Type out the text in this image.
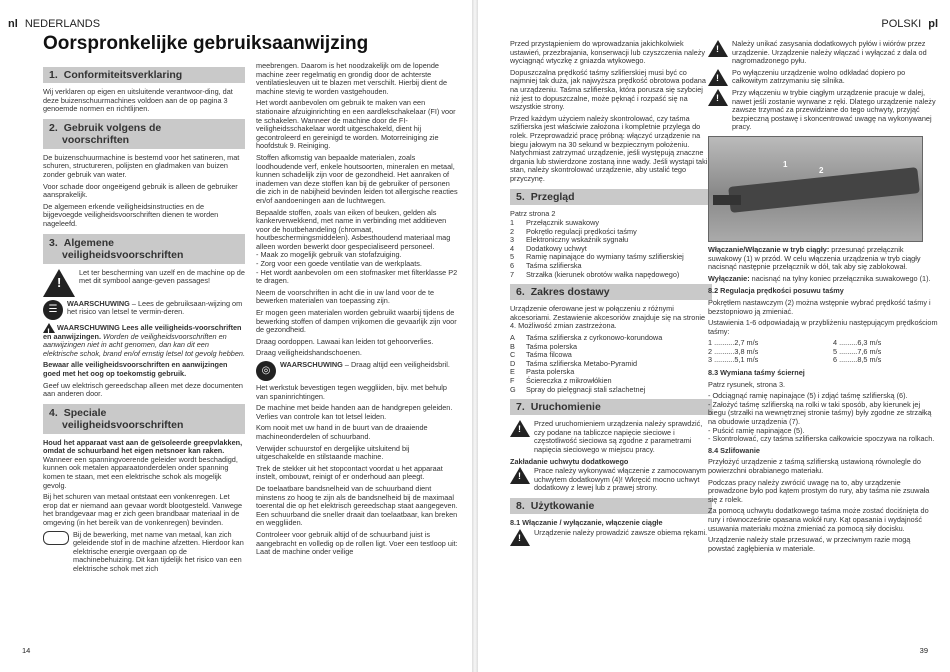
nl NEDERLANDS
Oorspronkelijke gebruiksaanwijzing
1. Conformiteitsverklaring

Wij verklaren op eigen en uitsluitende verantwoor-ding, dat deze buizenschuurmachines voldoen aan de op pagina 3 genoemde normen en richtlijnen.

2. Gebruik volgens de
voorschriften

De buizenschuurmachine is bestemd voor het satineren, mat schuren, structureren, polijsten en gladmaken van buizen zonder gebruik van water.

Voor schade door ongeëigend gebruik is alleen de gebruiker aansprakelijk.

De algemeen erkende veiligheidsinstructies en de bijgevoegde veiligheidsvoorschriften dienen te worden nageleefd.

3. Algemene
veiligheidsvoorschriften
!
Let ter bescherming van uzelf en de machine op de met dit symbool aange-geven passages!
☰
WAARSCHUWING – Lees de gebruiksaan-wijzing om het risico van letsel te vermin-deren.
! WAARSCHUWING Lees alle veiligheids-voorschriften en aanwijzingen. Worden de veiligheidsvoorschriften en aanwijzingen niet in acht genomen, dan kan dit een elektrische schok, brand en/of ernstig letsel tot gevolg hebben.

Bewaar alle veiligheidsvoorschriften en aanwijzingen goed met het oog op toekomstig gebruik.

Geef uw elektrisch gereedschap alleen met deze documenten aan anderen door.

4. Speciale
veiligheidsvoorschriften

Houd het apparaat vast aan de geïsoleerde greepvlakken, omdat de schuurband het eigen netsnoer kan raken. Wanneer een spanningvoerende geleider wordt beschadigd, kunnen ook metalen apparaatonderdelen onder spanning komen te staan, met een elektrische schok als mogelijk gevolg.

Bij het schuren van metaal ontstaat een vonkenregen. Let erop dat er niemand aan gevaar wordt blootgesteld. Vanwege het brandgevaar mag er zich geen brandbaar materiaal in de omgeving (in het bereik van de vonkenregen) bevinden.

Bij de bewerking, met name van metaal, kan zich geleidende stof in de machine afzetten. Hierdoor kan elektrische energie overgaan op de machinebehuizing. Dit kan tijdelijk het risico van een elektrische schok met zich

meebrengen. Daarom is het noodzakelijk om de lopende machine zeer regelmatig en grondig door de achterste ventilatiesleuven uit te blazen met verschilt. Hierbij dient de machine stevig te worden vastgehouden.

Het wordt aanbevolen om gebruik te maken van een stationaire afzuiginrichting en een aardlekschakelaar (FI) voor te schakelen. Wanneer de machine door de FI-veiligheidsschakelaar wordt uitgeschakeld, dient hij gecontroleerd en gereinigd te worden. Motorreiniging zie hoofdstuk 9. Reiniging.

Stoffen afkomstig van bepaalde materialen, zoals loodhoudende verf, enkele houtsoorten, mineralen en metaal, kunnen schadelijk zijn voor de gezondheid. Het aanraken of inademen van deze stoffen kan bij de gebruiker of personen die zich in de nabijheid bevinden leiden tot allergische reacties en/of aandoeningen aan de luchtwegen.

Bepaalde stoffen, zoals van eiken of beuken, gelden als kankerverwekkend, met name in verbinding met additieven voor de houtbehandeling (chromaat, houtbeschermingsmiddelen). Asbesthoudend materiaal mag alleen worden bewerkt door gespecialiseerd personeel.

- Maak zo mogelijk gebruik van stofafzuiging.

- Zorg voor een goede ventilatie van de werkplaats.

- Het wordt aanbevolen om een stofmasker met filterklasse P2 te dragen.

Neem de voorschriften in acht die in uw land voor de te bewerken materialen van toepassing zijn.

Er mogen geen materialen worden gebruikt waarbij tijdens de bewerking stoffen of dampen vrijkomen die gevaarlijk zijn voor de gezondheid.

Draag oordoppen. Lawaai kan leiden tot gehoorverlies.

Draag veiligheidshandschoenen.

◎
WAARSCHUWING – Draag altijd een veiligheidsbril.

Het werkstuk bevestigen tegen weggliiden, bijv. met behulp van spaninrichtingen.

De machine met beide handen aan de handgrepen geleiden. Verlies van controle kan tot letsel leiden.

Kom nooit met uw hand in de buurt van de draaiende machineonderdelen of schuurband.

Verwijder schuurstof en dergelijke uitsluitend bij uitgeschakelde en stilstaande machine.

Trek de stekker uit het stopcontact voordat u het apparaat instelt, ombouwt, reinigt of er onderhoud aan pleegt.

De toelaatbare bandsnelheid van de schuurband dient minstens zo hoog te zijn als de bandsnelheid bij de maximaal toerental die op het elektrisch gereedschap staat aangegeven. Een schuurband die sneller draait dan toelaatbaar, kan breken en weggliiden.

Controleer voor gebruik altijd of de schuurband juist is aangebracht en volledig op de rollen ligt. Voer een testloop uit: Laat de machine onder veilige

14
POLSKI pl

Przed przystąpieniem do wprowadzania jakichkolwiek ustawień, przezbrajania, konserwacji lub czyszczenia należy wyciągnąć wtyczkę z gniazda wtykowego.

Dopuszczalna prędkość taśmy szlifierskiej musi być co najmniej tak duża, jak najwyższa prędkość obrotowa podana na urządzeniu. Taśma szlifierska, która porusza się szybciej niż jest to dopuszczalne, może pęknąć i rozpaść się na wszystkie strony.

Przed każdym użyciem należy skontrolować, czy taśma szlifierska jest właściwie założona i kompletnie przylega do rolek. Przeprowadzić pracę próbną: włączyć urządzenie na biegu jałowym na 30 sekund w bezpiecznym położeniu. Natychmiast zatrzymać urządzenie, jeśli występują znaczne drgania lub stwierdzone zostaną inne wady. Jeśli wystąpi taki stan, należy skontrolować urządzenie, aby ustalić tego przyczynę.

5. Przegląd

Patrz strona 2

1	Przełącznik suwakowy
2	Pokrętło regulacji prędkości taśmy
3	Elektroniczny wskaźnik sygnału
4	Dodatkowy uchwyt
5	Ramię napinające do wymiany taśmy szlifierskiej
6	Taśma szlifierska
7	Strzałka (kierunek obrotów wałka napędowego)
6. Zakres dostawy

Urządzenie oferowane jest w połączeniu z różnymi akcesoriami. Zestawienie akcesoriów znajduje się na stronie 4. Możliwość zmian zastrzeżona.

A	Taśma szlifierska z cyrkonowo-korundowa
B	Taśma polerska
C	Taśma filcowa
D	Taśma szlifierska Metabo-Pyramid
E	Pasta polerska
F	Ściereczka z mikrowłókien
G	Spray do pielęgnacji stali szlachetnej
7. Uruchomienie
!
Przed uruchomieniem urządzenia należy sprawdzić, czy podane na tabliczce napięcie sieciowe i częstotliwość sieciowa są zgodne z parametrami napięcia sieciowego w miejscu pracy.

Zakładanie uchwytu dodatkowego

!
Prace należy wykonywać włączenie z zamocowanym uchwytem dodatkowym (4)! Wkręcić mocno uchwyt dodatkowy z lewej lub z prawej strony.
8. Użytkowanie

8.1 Włączanie / wyłączanie, włączenie ciągłe

!
Urządzenie należy prowadzić zawsze obiema rękami.
!
Należy unikać zasysania dodatkowych pyłów i wiórów przez urządzenie. Urządzenie należy włączać i wyłączać z dala od nagromadzonego pyłu.
!
Po wyłączeniu urządzenie wolno odkładać dopiero po całkowitym zatrzymaniu się silnika.
!
Przy włączeniu w trybie ciągłym urządzenie pracuje w dalej, nawet jeśli zostanie wyrwane z ręki. Dlatego urządzenie należy zawsze trzymać za przewidziane do tego uchwyty, przyjąć bezpieczną postawę i skoncentrować uwagę na wykonywanej pracy.
1
2

Włączanie/Włączanie w tryb ciągły: przesunąć przełącznik suwakowy (1) w przód. W celu włączenia urządzenia w tryb ciągły nacisnąć następnie przełącznik w dół, tak aby się zablokował.

Wyłączanie: nacisnąć na tylny koniec przełącznika suwakowego (1).

8.2 Regulacja prędkości posuwu taśmy

Pokrętłem nastawczym (2) można wstępnie wybrać prędkość taśmy i bezstopniowo ją zmieniać.

Ustawienia 1-6 odpowiadają w przybliżeniu następującym prędkościom taśmy:

1 ..........2,7 m/s	4 .........6,3 m/s
2 ..........3,8 m/s	5 .........7,6 m/s
3 ..........5,1 m/s	6 .........8,5 m/s

8.3 Wymiana taśmy ściernej

Patrz rysunek, strona 3.

- Odciągnąć ramię napinające (5) i zdjąć taśmę szlifierską (6).

- Założyć taśmę szlifierską na rolki w taki sposób, aby kierunek jej biegu (strzałki na wewnętrznej stronie taśmy) były zgodne ze strzałką na obudowie urządzenia (7).

- Puścić ramię napinające (5).

- Skontrolować, czy taśma szlifierska całkowicie spoczywa na rolkach.

8.4 Szlifowanie

Przyłożyć urządzenie z taśmą szlifierską ustawioną równolegle do powierzchni obrabianego materiału.

Podczas pracy należy zwrócić uwagę na to, aby urządzenie prowadzone było pod kątem prostym do rury, aby taśma nie zsuwała się z rolek.

Za pomocą uchwytu dodatkowego taśma może zostać dociśnięta do rury i równocześnie opasana wokół rury. Kąt opasania i wydajność usuwania materiału można zmieniać za pomocą siły docisku.

Urządzenie należy stale przesuwać, w przeciwnym razie mogą powstać zagłębienia w materiale.

39
